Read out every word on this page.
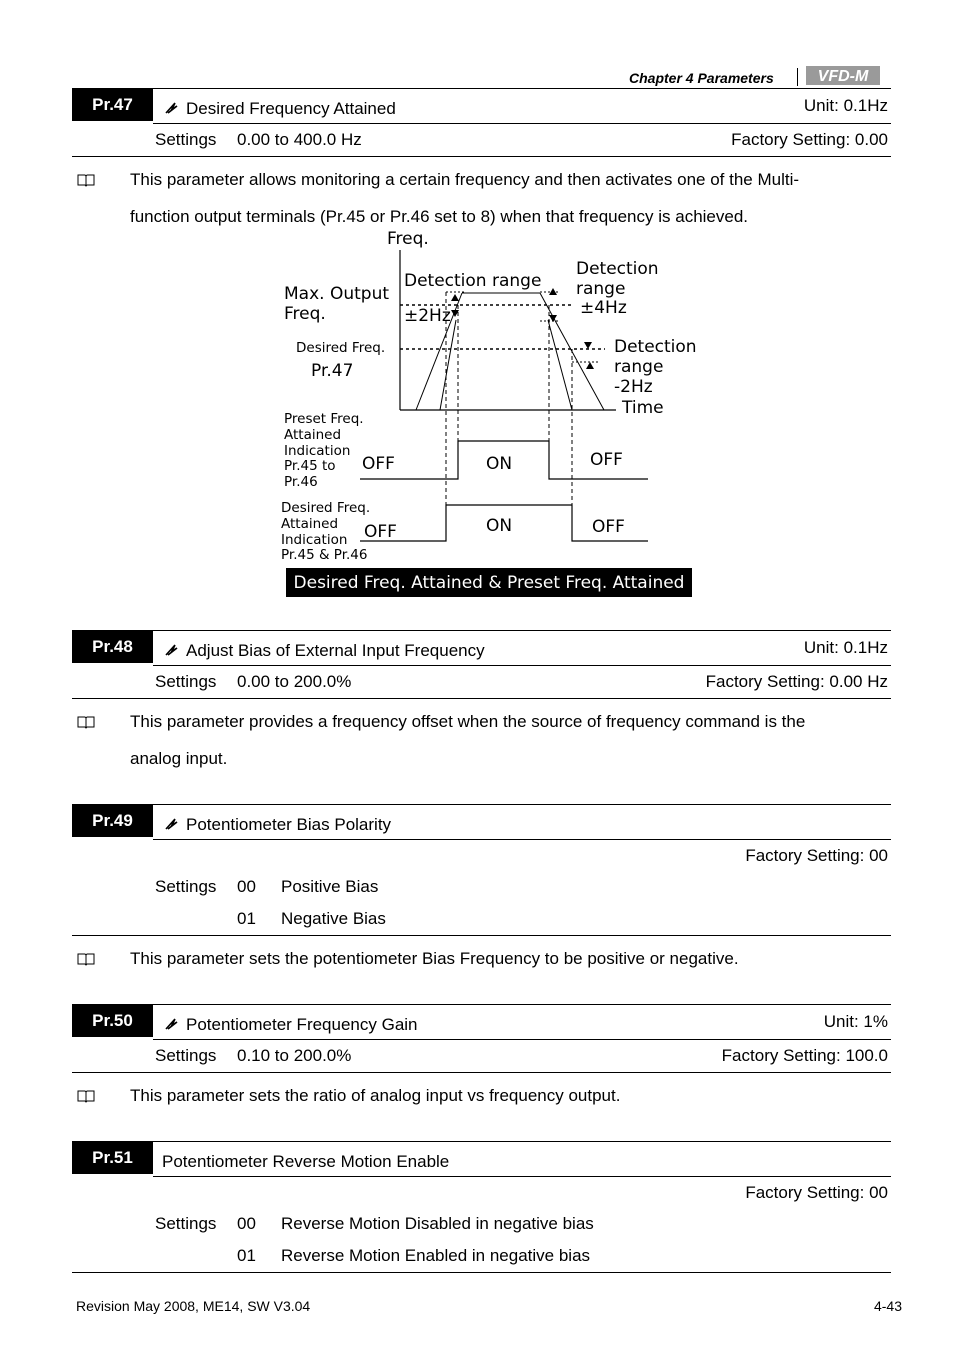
Chapter 4 Parameters	VFD-M
Pr.47	Desired Frequency Attained	Unit: 0.1Hz
Settings 0.00 to 400.0 Hz	Factory Setting: 0.00
This parameter allows monitoring a certain frequency and then activates one of the Multi-
function output terminals (Pr.45 or Pr.46 set to 8) when that frequency is achieved.
Freq.
Max. Output
Freq.
Detection range
±2Hz
Detection
range
±4Hz
Desired Freq.
Pr.47
Detection
range
-2Hz
Time
Preset Freq.
Attained
Indication
Pr.45 to
Pr.46
OFF	ON	OFF
Desired Freq.
Attained
Indication
Pr.45 & Pr.46
OFF	ON	OFF
Desired Freq. Attained & Preset Freq. Attained
Pr.48	Adjust Bias of External Input Frequency	Unit: 0.1Hz
Settings 0.00 to 200.0%	Factory Setting: 0.00 Hz
This parameter provides a frequency offset when the source of frequency command is the
analog input.
Pr.49	Potentiometer Bias Polarity
Factory Setting: 00
Settings 00 Positive Bias
01 Negative Bias
This parameter sets the potentiometer Bias Frequency to be positive or negative.
Pr.50	Potentiometer Frequency Gain	Unit: 1%
Settings 0.10 to 200.0%	Factory Setting: 100.0
This parameter sets the ratio of analog input vs frequency output.
Pr.51	Potentiometer Reverse Motion Enable
Factory Setting: 00
Settings 00 Reverse Motion Disabled in negative bias
01 Reverse Motion Enabled in negative bias
Revision May 2008, ME14, SW V3.04	4-43
